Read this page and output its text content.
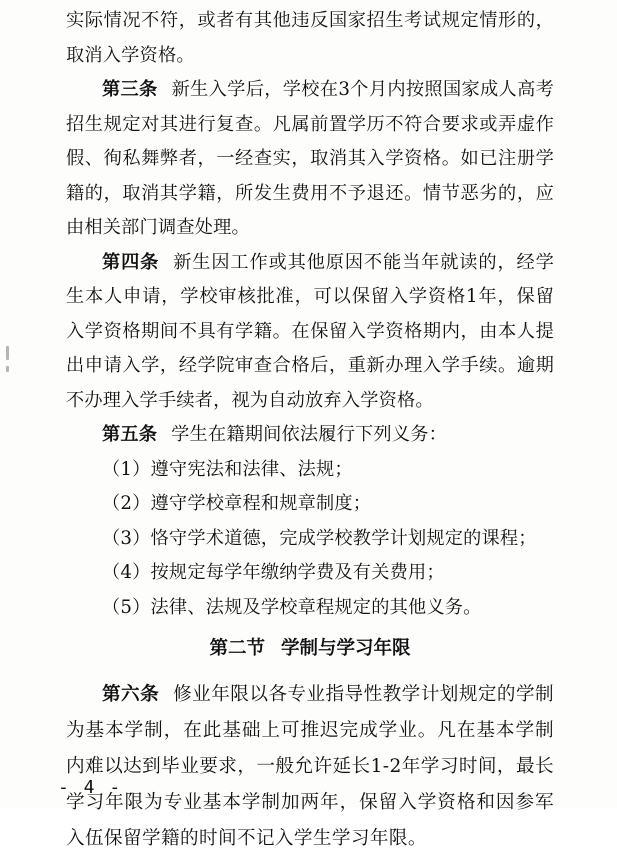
实际情况不符，或者有其他违反国家招生考试规定情形的，取消入学资格。

第三条 新生入学后，学校在3个月内按照国家成人高考招生规定对其进行复查。凡属前置学历不符合要求或弄虚作假、徇私舞弊者，一经查实，取消其入学资格。如已注册学籍的，取消其学籍，所发生费用不予退还。情节恶劣的，应由相关部门调查处理。

第四条 新生因工作或其他原因不能当年就读的，经学生本人申请，学校审核批准，可以保留入学资格1年，保留入学资格期间不具有学籍。在保留入学资格期内，由本人提出申请入学，经学院审查合格后，重新办理入学手续。逾期不办理入学手续者，视为自动放弃入学资格。

第五条 学生在籍期间依法履行下列义务：

（1）遵守宪法和法律、法规；

（2）遵守学校章程和规章制度；

（3）恪守学术道德，完成学校教学计划规定的课程；

（4）按规定每学年缴纳学费及有关费用；

（5）法律、法规及学校章程规定的其他义务。

第二节 学制与学习年限

第六条 修业年限以各专业指导性教学计划规定的学制为基本学制，在此基础上可推迟完成学业。凡在基本学制内难以达到毕业要求，一般允许延长1-2年学习时间，最长学习年限为专业基本学制加两年，保留入学资格和因参军入伍保留学籍的时间不记入学生学习年限。

- 4 -
